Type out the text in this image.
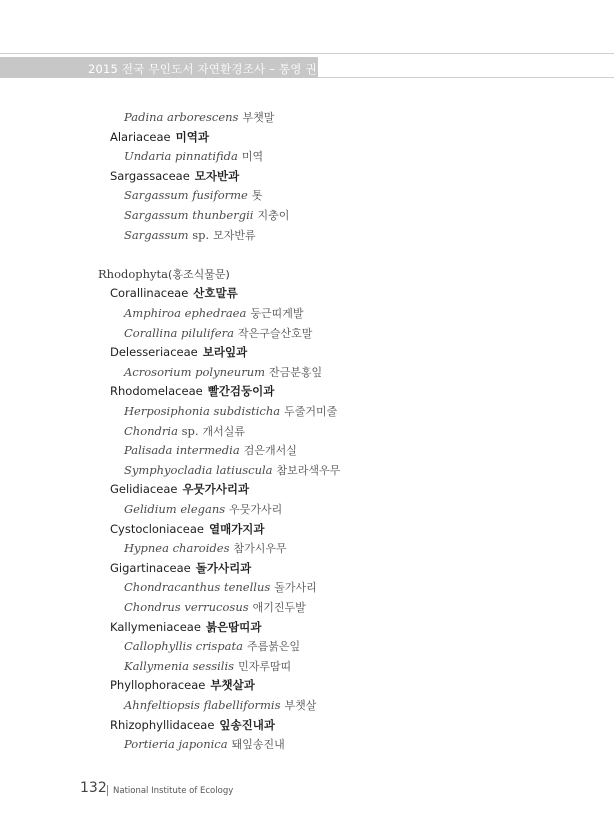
2015 전국 무인도서 자연환경조사 – 통영 권역
Padina arborescens 부챗말
Alariaceae 미역과
Undaria pinnatifida 미역
Sargassaceae 모자반과
Sargassum fusiforme 톳
Sargassum thunbergii 지충이
Sargassum sp. 모자반류
Rhodophyta(홍조식물문)
Corallinaceae 산호말류
Amphiroa ephedraea 둥근띠게발
Corallina pilulifera 작은구슬산호말
Delesseriaceae 보라잎과
Acrosorium polyneurum 잔금분홍잎
Rhodomelaceae 빨간검둥이과
Herposiphonia subdisticha 두줄거미줄
Chondria sp. 개서실류
Palisada intermedia 검은개서실
Symphyocladia latiuscula 참보라색우무
Gelidiaceae 우뭇가사리과
Gelidium elegans 우뭇가사리
Cystocloniaceae 열매가지과
Hypnea charoides 참가시우무
Gigartinaceae 돌가사리과
Chondracanthus tenellus 돌가사리
Chondrus verrucosus 애기진두발
Kallymeniaceae 붉은땀띠과
Callophyllis crispata 주름붉은잎
Kallymenia sessilis 민자루땀띠
Phyllophoraceae 부챗살과
Ahnfeltiopsis flabelliformis 부챗살
Rhizophyllidaceae 잎송진내과
Portieria japonica 돼잎송진내
132 National Institute of Ecology
